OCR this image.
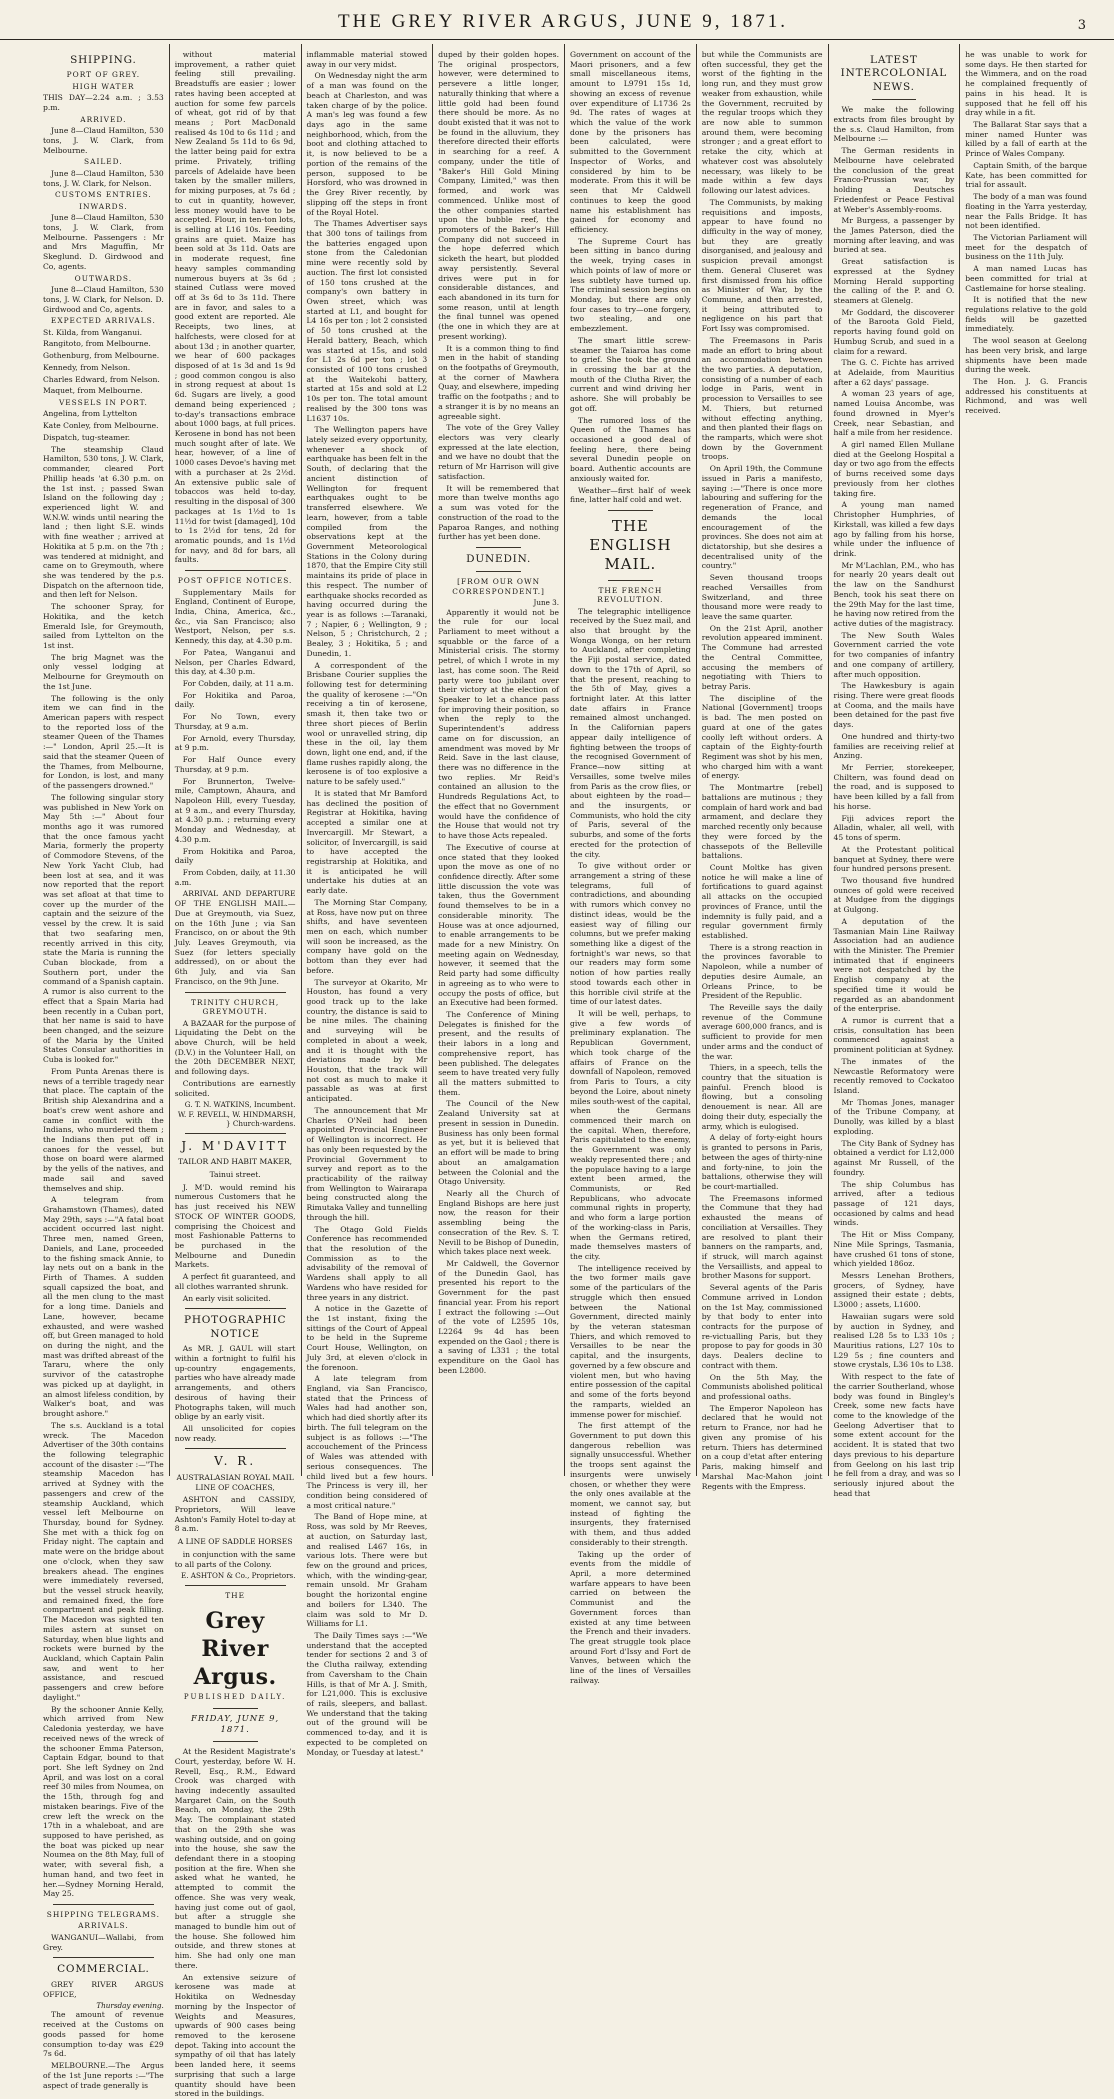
THE GREY RIVER ARGUS, JUNE 9, 1871.	3
SHIPPING.
PORT OF GREY.
HIGH WATER

THIS DAY—2.24 a.m. ; 3.53 p.m.

ARRIVED.

June 8—Claud Hamilton, 530 tons, J. W. Clark, from Melbourne.

SAILED.

June 8—Claud Hamilton, 530 tons, J. W. Clark, for Nelson.

CUSTOMS ENTRIES.
INWARDS.

June 8—Claud Hamilton, 530 tons, J. W. Clark, from Melbourne. Passengers : Mr and Mrs Maguffin, Mr Skeglund. D. Girdwood and Co, agents.

OUTWARDS.

June 8—Claud Hamilton, 530 tons, J. W. Clark, for Nelson. D. Girdwood and Co, agents.

EXPECTED ARRIVALS.

St. Kilda, from Wanganui.

Rangitoto, from Melbourne.

Gothenburg, from Melbourne.

Kennedy, from Nelson.

Charles Edward, from Nelson.

Maquet, from Melbourne.

VESSELS IN PORT.

Angelina, from Lyttelton

Kate Conley, from Melbourne.

Dispatch, tug-steamer.

The steamship Claud Hamilton, 530 tons, J. W. Clark, commander, cleared Port Phillip heads 'at 6.30 p.m. on the 1st inst. ; passed Swan Island on the following day ; experienced light W. and W.N.W. winds until nearing the land ; then light S.E. winds with fine weather ; arrived at Hokitika at 5 p.m. on the 7th ; was tendered at midnight, and came on to Greymouth, where she was tendered by the p.s. Dispatch on the afternoon tide, and then left for Nelson.

The schooner Spray, for Hokitika, and the ketch Emerald Isle, for Greymouth, sailed from Lyttelton on the 1st inst.

The brig Magnet was the only vessel lodging at Melbourne for Greymouth on the 1st June.

The following is the only item we can find in the American papers with respect to the reported loss of the steamer Queen of the Thames :—" London, April 25.—It is said that the steamer Queen of the Thames, from Melbourne, for London, is lost, and many of the passengers drowned."

The following singular story was published in New York on May 5th :—" About four months ago it was rumored that the once famous yacht Maria, formerly the property of Commodore Stevens, of the New York Yacht Club, had been lost at sea, and it was now reported that the report was set afloat at that time to cover up the murder of the captain and the seizure of the vessel by the crew. It is said that two seafaring men, recently arrived in this city, state the Maria is running the Cuban blockade, from a Southern port, under the command of a Spanish captain. A rumor is also current to the effect that a Spain Maria had been recently in a Cuban port, that her name is said to have been changed, and the seizure of the Maria by the United States Consular authorities in Cuba is looked for."

From Punta Arenas there is news of a terrible tragedy near that place. The captain of the British ship Alexandrina and a boat's crew went ashore and came in conflict with the Indians, who murdered them ; the Indians then put off in canoes for the vessel, but those on board were alarmed by the yells of the natives, and made sail and saved themselves and ship.

A telegram from Grahamstown (Thames), dated May 29th, says :—"A fatal boat accident occurred last night. Three men, named Green, Daniels, and Lane, proceeded to the fishing smack Annie, to lay nets out on a bank in the Firth of Thames. A sudden squall capsized the boat, and all the men clung to the mast for a long time. Daniels and Lane, however, became exhausted, and were washed off, but Green managed to hold on during the night, and the mast was drifted abreast of the Tararu, where the only survivor of the catastrophe was picked up at daylight, in an almost lifeless condition, by Walker's boat, and was brought ashore."

The s.s. Auckland is a total wreck. The Macedon Advertiser of the 30th contains the following telegraphic account of the disaster :—"The steamship Macedon has arrived at Sydney with the passengers and crew of the steamship Auckland, which vessel left Melbourne on Thursday, bound for Sydney. She met with a thick fog on Friday night. The captain and mate were on the bridge about one o'clock, when they saw breakers ahead. The engines were immediately reversed, but the vessel struck heavily, and remained fixed, the fore compartment and peak filling. The Macedon was sighted ten miles astern at sunset on Saturday, when blue lights and rockets were burned by the Auckland, which Captain Palin saw, and went to her assistance, and rescued passengers and crew before daylight."

By the schooner Annie Kelly, which arrived from New Caledonia yesterday, we have received news of the wreck of the schooner Emma Paterson, Captain Edgar, bound to that port. She left Sydney on 2nd April, and was lost on a coral reef 30 miles from Noumea, on the 15th, through fog and mistaken bearings. Five of the crew left the wreck on the 17th in a whaleboat, and are supposed to have perished, as the boat was picked up near Noumea on the 8th May, full of water, with several fish, a human hand, and two feet in her.—Sydney Morning Herald, May 25.

SHIPPING TELEGRAMS.
ARRIVALS.

WANGANUI—Wallabi, from Grey.

COMMERCIAL.

GREY RIVER ARGUS OFFICE,

Thursday evening.

The amount of revenue received at the Customs on goods passed for home consumption to-day was £29 7s 6d.

MELBOURNE.—The Argus of the 1st June reports :—"The aspect of trade generally is

without material improvement, a rather quiet feeling still prevailing. Breadstuffs are easier ; lower rates having been accepted at auction for some few parcels of wheat, got rid of by that means ; Port MacDonald realised 4s 10d to 6s 11d ; and New Zealand 5s 11d to 6s 9d, the latter being paid for extra prime. Privately, trifling parcels of Adelaide have been taken by the smaller millers, for mixing purposes, at 7s 6d ; to cut in quantity, however, less money would have to be accepted. Flour, in ten-ton lots, is selling at L16 10s. Feeding grains are quiet. Maize has been sold at 3s 11d. Oats are in moderate request, fine heavy samples commanding numerous buyers at 3s 6d ; stained Cutlass were moved off at 3s 6d to 3s 11d. There are in favor, and sales to a good extent are reported. Ale Receipts, two lines, at halfchests, were closed for at about 13d ; in another quarter, we hear of 600 packages disposed of at 1s 3d and 1s 9d ; good common congou is also in strong request at about 1s 6d. Sugars are lively, a good demand being experienced ; to-day's transactions embrace about 1000 bags, at full prices. Kerosene in bond has not been much sought after of late. We hear, however, of a line of 1000 cases Devoe's having met with a purchaser at 2s 2½d. An extensive public sale of tobaccos was held to-day, resulting in the disposal of 300 packages at 1s 1½d to 1s 11½d for twist [damaged], 10d to 1s 2½d for tens, 2d for aromatic pounds, and 1s 1½d for navy, and 8d for bars, all faults.

POST OFFICE NOTICES.

Supplementary Mails for England, Continent of Europe, India, China, America, &c., &c., via San Francisco; also Westport, Nelson, per s.s. Kennedy, this day, at 4.30 p.m.

For Patea, Wanganui and Nelson, per Charles Edward, this day, at 4.30 p.m.

For Cobden, daily, at 11 a.m.

For Hokitika and Paroa, daily.

For No Town, every Thursday, at 9 a.m.

For Arnold, every Thursday, at 9 p.m.

For Half Ounce every Thursday, at 9 p.m.

For Brunnerton, Twelve-mile, Camptown, Ahaura, and Napoleon Hill, every Tuesday, at 9 a.m., and every Thursday, at 4.30 p.m. ; returning every Monday and Wednesday, at 4.30 p.m.

From Hokitika and Paroa, daily

From Cobden, daily, at 11.30 a.m.

ARRIVAL AND DEPARTURE OF THE ENGLISH MAIL.—Due at Greymouth, via Suez, on the 16th June ; via San Francisco, on or about the 9th July. Leaves Greymouth, via Suez (for letters specially addressed), on or about the 6th July, and via San Francisco, on the 9th June.

TRINITY CHURCH, GREYMOUTH.

A BAZAAR for the purpose of Liquidating the Debt on the above Church, will be held (D.V.) in the Volunteer Hall, on the 20th DECEMBER NEXT, and following days.

Contributions are earnestly solicited.

G. T. N. WATKINS, Incumbent.
W. F. REVELL, W. HINDMARSH, } Church-wardens.
J. M'DAVITT
TAILOR AND HABIT MAKER,
Tainui street.

J. M'D. would remind his numerous Customers that he has just received his NEW STOCK OF WINTER GOODS, comprising the Choicest and most Fashionable Patterns to be purchased in the Melbourne and Dunedin Markets.

A perfect fit guaranteed, and all clothes warranted shrunk.

An early visit solicited.

PHOTOGRAPHIC NOTICE

As MR. J. GAUL will start within a fortnight to fulfil his up-country engagements, parties who have already made arrangements, and others desirous of having their Photographs taken, will much oblige by an early visit.

All unsolicited for copies now ready.

V. R.
AUSTRALASIAN ROYAL MAIL LINE OF COACHES,

ASHTON and CASSIDY, Proprietors, Will leave Ashton's Family Hotel to-day at 8 a.m.

A LINE OF SADDLE HORSES

in conjunction with the same to all parts of the Colony.

E. ASHTON & Co., Proprietors.
THE
Grey River Argus.
PUBLISHED DAILY.
FRIDAY, JUNE 9, 1871.

At the Resident Magistrate's Court, yesterday, before W. H. Revell, Esq., R.M., Edward Crook was charged with having indecently assaulted Margaret Cain, on the South Beach, on Monday, the 29th May. The complainant stated that on the 29th she was washing outside, and on going into the house, she saw the defendant there in a stooping position at the fire. When she asked what he wanted, he attempted to commit the offence. She was very weak, having just come out of gaol, but after a struggle she managed to bundle him out of the house. She followed him outside, and threw stones at him. She had only one man there.

An extensive seizure of kerosene was made at Hokitika on Wednesday morning by the Inspector of Weights and Measures, upwards of 900 cases being removed to the kerosene depot. Taking into account the sympathy of oil that has lately been landed here, it seems surprising that such a large quantity should have been stored in the buildings.

inflammable material stowed away in our very midst.

On Wednesday night the arm of a man was found on the beach at Charleston, and was taken charge of by the police. A man's leg was found a few days ago in the same neighborhood, which, from the boot and clothing attached to it, is now believed to be a portion of the remains of the person, supposed to be Horsford, who was drowned in the Grey River recently, by slipping off the steps in front of the Royal Hotel.

The Thames Advertiser says that 300 tons of tailings from the batteries engaged upon stone from the Caledonian mine were recently sold by auction. The first lot consisted of 150 tons crushed at the company's own battery in Owen street, which was started at L1, and bought for L4 16s per ton ; lot 2 consisted of 50 tons crushed at the Herald battery, Beach, which was started at 15s, and sold for L1 2s 6d per ton ; lot 3 consisted of 100 tons crushed at the Waitekohi battery, started at 15s and sold at L2 10s per ton. The total amount realised by the 300 tons was L1637 10s.

The Wellington papers have lately seized every opportunity, whenever a shock of earthquake has been felt in the South, of declaring that the ancient distinction of Wellington for frequent earthquakes ought to be transferred elsewhere. We learn, however, from a table compiled from the observations kept at the Government Meteorological Stations in the Colony during 1870, that the Empire City still maintains its pride of place in this respect. The number of earthquake shocks recorded as having occurred during the year is as follows :—Taranaki, 7 ; Napier, 6 ; Wellington, 9 ; Nelson, 5 ; Christchurch, 2 ; Bealey, 3 ; Hokitika, 5 ; and Dunedin, 1.

A correspondent of the Brisbane Courier supplies the following test for determining the quality of kerosene :—"On receiving a tin of kerosene, smash it, then take two or three short pieces of Berlin wool or unravelled string, dip these in the oil, lay them down, light one end, and, if the flame rushes rapidly along, the kerosene is of too explosive a nature to be safely used."

It is stated that Mr Bamford has declined the position of Registrar at Hokitika, having accepted a similar one at Invercargill. Mr Stewart, a solicitor, of Invercargill, is said to have accepted the registrarship at Hokitika, and it is anticipated he will undertake his duties at an early date.

The Morning Star Company, at Ross, have now put on three shifts, and have seventeen men on each, which number will soon be increased, as the company have gold on the bottom than they ever had before.

The surveyor at Okarito, Mr Houston, has found a very good track up to the lake country, the distance is said to be nine miles. The chaining and surveying will be completed in about a week, and it is thought with the deviations made by Mr Houston, that the track will not cost as much to make it passable as was at first anticipated.

The announcement that Mr Charles O'Neil had been appointed Provincial Engineer of Wellington is incorrect. He has only been requested by the Provincial Government to survey and report as to the practicability of the railway from Wellington to Wairarapa being constructed along the Rimutaka Valley and tunnelling through the hill.

The Otago Gold Fields Conference has recommended that the resolution of the Commission as to the advisability of the removal of Wardens shall apply to all Wardens who have resided for three years in any district.

A notice in the Gazette of the 1st instant, fixing the sittings of the Court of Appeal to be held in the Supreme Court House, Wellington, on July 3rd, at eleven o'clock in the forenoon.

A late telegram from England, via San Francisco, stated that the Princess of Wales had had another son, which had died shortly after its birth. The full telegram on the subject is as follows :—"The accouchement of the Princess of Wales was attended with serious consequences. The child lived but a few hours. The Princess is very ill, her condition being considered of a most critical nature."

The Band of Hope mine, at Ross, was sold by Mr Reeves, at auction, on Saturday last, and realised L467 16s, in various lots. There were but few on the ground and prices, which, with the winding-gear, remain unsold. Mr Graham bought the horizontal engine and boilers for L340. The claim was sold to Mr D. Williams for L1.

The Daily Times says :—"We understand that the accepted tender for sections 2 and 3 of the Clutha railway, extending from Caversham to the Chain Hills, is that of Mr A. J. Smith, for L21,000. This is exclusive of rails, sleepers, and ballast. We understand that the taking out of the ground will be commenced to-day, and it is expected to be completed on Monday, or Tuesday at latest."

duped by their golden hopes. The original prospectors, however, were determined to persevere a little longer, naturally thinking that where a little gold had been found there should be more. As no doubt existed that it was not to be found in the alluvium, they therefore directed their efforts in searching for a reef. A company, under the title of "Baker's Hill Gold Mining Company, Limited," was then formed, and work was commenced. Unlike most of the other companies started upon the bubble reef, the promoters of the Baker's Hill Company did not succeed in the hope deferred which sicketh the heart, but plodded away persistently. Several drives were put in for considerable distances, and each abandoned in its turn for some reason, until at length the final tunnel was opened (the one in which they are at present working).

It is a common thing to find men in the habit of standing on the footpaths of Greymouth, at the corner of Mawhera Quay, and elsewhere, impeding traffic on the footpaths ; and to a stranger it is by no means an agreeable sight.

The vote of the Grey Valley electors was very clearly expressed at the late election, and we have no doubt that the return of Mr Harrison will give satisfaction.

It will be remembered that more than twelve months ago a sum was voted for the construction of the road to the Paparoa Ranges, and nothing further has yet been done.

DUNEDIN.
[FROM OUR OWN CORRESPONDENT.]
June 3.

Apparently it would not be the rule for our local Parliament to meet without a squabble or the farce of a Ministerial crisis. The stormy petrel, of which I wrote in my last, has come soon. The Reid party were too jubilant over their victory at the election of Speaker to let a chance pass for improving their position, so when the reply to the Superintendent's address came on for discussion, an amendment was moved by Mr Reid. Save in the last clause, there was no difference in the two replies. Mr Reid's contained an allusion to the Hundreds Regulations Act, to the effect that no Government would have the confidence of the House that would not try to have those Acts repealed.

The Executive of course at once stated that they looked upon the move as one of no confidence directly. After some little discussion the vote was taken, thus the Government found themselves to be in a considerable minority. The House was at once adjourned, to enable arrangements to be made for a new Ministry. On meeting again on Wednesday, however, it seemed that the Reid party had some difficulty in agreeing as to who were to occupy the posts of office, but an Executive had been formed.

The Conference of Mining Delegates is finished for the present, and the results of their labors in a long and comprehensive report, has been published. The delegates seem to have treated very fully all the matters submitted to them.

The Council of the New Zealand University sat at present in session in Dunedin. Business has only been formal as yet, but it is believed that an effort will be made to bring about an amalgamation between the Colonial and the Otago University.

Nearly all the Church of England Bishops are here just now, the reason for their assembling being the consecration of the Rev. S. T. Nevill to be Bishop of Dunedin, which takes place next week.

Mr Caldwell, the Governor of the Dunedin Gaol, has presented his report to the Government for the past financial year. From his report I extract the following :—Out of the vote of L2595 10s, L2264 9s 4d has been expended on the Gaol ; there is a saving of L331 ; the total expenditure on the Gaol has been L2800.

Government on account of the Maori prisoners, and a few small miscellaneous items, amount to L9791 15s 1d, showing an excess of revenue over expenditure of L1736 2s 9d. The rates of wages at which the value of the work done by the prisoners has been calculated, were submitted to the Government Inspector of Works, and considered by him to be moderate. From this it will be seen that Mr Caldwell continues to keep the good name his establishment has gained for economy and efficiency.

The Supreme Court has been sitting in banco during the week, trying cases in which points of law of more or less subtlety have turned up. The criminal session begins on Monday, but there are only four cases to try—one forgery, two stealing, and one embezzlement.

The smart little screw-steamer the Taiaroa has come to grief. She took the ground in crossing the bar at the mouth of the Clutha River, the current and wind driving her ashore. She will probably be got off.

The rumored loss of the Queen of the Thames has occasioned a good deal of feeling here, there being several Dunedin people on board. Authentic accounts are anxiously waited for.

Weather—first half of week fine, latter half cold and wet.

THE ENGLISH MAIL.
THE FRENCH REVOLUTION.

The telegraphic intelligence received by the Suez mail, and also that brought by the Wonga Wonga, on her return to Auckland, after completing the Fiji postal service, dated down to the 17th of April, so that the present, reaching to the 5th of May, gives a fortnight later. At this latter date affairs in France remained almost unchanged. In the Californian papers appear daily intelligence of fighting between the troops of the recognised Government of France—now sitting at Versailles, some twelve miles from Paris as the crow flies, or about eighteen by the road—and the insurgents, or Communists, who hold the city of Paris, several of the suburbs, and some of the forts erected for the protection of the city.

To give without order or arrangement a string of these telegrams, full of contradictions, and abounding with rumors which convey no distinct ideas, would be the easiest way of filling our columns, but we prefer making something like a digest of the fortnight's war news, so that our readers may form some notion of how parties really stood towards each other in this horrible civil strife at the time of our latest dates.

It will be well, perhaps, to give a few words of preliminary explanation. The Republican Government, which took charge of the affairs of France on the downfall of Napoleon, removed from Paris to Tours, a city beyond the Loire, about ninety miles south-west of the capital, when the Germans commenced their march on the capital. When, therefore, Paris capitulated to the enemy, the Government was only weakly represented there ; and the populace having to a large extent been armed, the Communists, or Red Republicans, who advocate communal rights in property, and who form a large portion of the working-class in Paris, when the Germans retired, made themselves masters of the city.

The intelligence received by the two former mails gave some of the particulars of the struggle which then ensued between the National Government, directed mainly by the veteran statesman Thiers, and which removed to Versailles to be near the capital, and the insurgents, governed by a few obscure and violent men, but who having entire possession of the capital and some of the forts beyond the ramparts, wielded an immense power for mischief.

The first attempt of the Government to put down this dangerous rebellion was signally unsuccessful. Whether the troops sent against the insurgents were unwisely chosen, or whether they were the only ones available at the moment, we cannot say, but instead of fighting the insurgents, they fraternised with them, and thus added considerably to their strength.

Taking up the order of events from the middle of April, a more determined warfare appears to have been carried on between the Communist and the Government forces than existed at any time between the French and their invaders. The great struggle took place around Fort d'Issy and Fort de Vanves, between which the line of the lines of Versailles railway.

but while the Communists are often successful, they get the worst of the fighting in the long run, and they must grow weaker from exhaustion, while the Government, recruited by the regular troops which they are now able to summon around them, were becoming stronger ; and a great effort to retake the city, which at whatever cost was absolutely necessary, was likely to be made within a few days following our latest advices.

The Communists, by making requisitions and imposts, appear to have found no difficulty in the way of money, but they are greatly disorganised, and jealousy and suspicion prevail amongst them. General Cluseret was first dismissed from his office as Minister of War, by the Commune, and then arrested, it being attributed to negligence on his part that Fort Issy was compromised.

The Freemasons in Paris made an effort to bring about an accommodation between the two parties. A deputation, consisting of a number of each lodge in Paris, went in procession to Versailles to see M. Thiers, but returned without effecting anything, and then planted their flags on the ramparts, which were shot down by the Government troops.

On April 19th, the Commune issued in Paris a manifesto, saying :—"There is once more labouring and suffering for the regeneration of France, and demands the local encouragement of the provinces. She does not aim at dictatorship, but she desires a decentralised unity of the country."

Seven thousand troops reached Versailles from Switzerland, and three thousand more were ready to leave the same quarter.

On the 21st April, another revolution appeared imminent. The Commune had arrested the Central Committee, accusing the members of negotiating with Thiers to betray Paris.

The discipline of the National [Government] troops is bad. The men posted on guard at one of the gates coolly left without orders. A captain of the Eighty-fourth Regiment was shot by his men, who charged him with a want of energy.

The Montmartre [rebel] battalions are mutinous ; they complain of hard work and bad armament, and declare they marched recently only because they were forced by the chassepots of the Belleville battalions.

Count Moltke has given notice he will make a line of fortifications to guard against all attacks on the occupied provinces of France, until the indemnity is fully paid, and a regular government firmly established.

There is a strong reaction in the provinces favorable to Napoleon, while a number of deputies desire Aumale, an Orleans Prince, to be President of the Republic.

The Reveille says the daily revenue of the Commune average 600,000 francs, and is sufficient to provide for men under arms and the conduct of the war.

Thiers, in a speech, tells the country that the situation is painful. French blood is flowing, but a consoling denouement is near. All are doing their duty, especially the army, which is eulogised.

A delay of forty-eight hours is granted to persons in Paris, between the ages of thirty-nine and forty-nine, to join the battalions, otherwise they will be court-martialled.

The Freemasons informed the Commune that they had exhausted the means of conciliation at Versailles. They are resolved to plant their banners on the ramparts, and, if struck, will march against the Versaillists, and appeal to brother Masons for support.

Several agents of the Paris Commune arrived in London on the 1st May, commissioned by that body to enter into contracts for the purpose of re-victualling Paris, but they propose to pay for goods in 30 days. Dealers decline to contract with them.

On the 5th May, the Communists abolished political and professional oaths.

The Emperor Napoleon has declared that he would not return to France, nor had he given any promise of his return. Thiers has determined on a coup d'etat after entering Paris, making himself and Marshal Mac-Mahon joint Regents with the Empress.

LATEST INTERCOLONIAL NEWS.

We make the following extracts from files brought by the s.s. Claud Hamilton, from Melbourne :—

The German residents in Melbourne have celebrated the conclusion of the great Franco-Prussian war, by holding a Deutsches Friedenfest or Peace Festival at Weber's Assembly-rooms.

Mr Burgess, a passenger by the James Paterson, died the morning after leaving, and was buried at sea.

Great satisfaction is expressed at the Sydney Morning Herald supporting the calling of the P. and O. steamers at Glenelg.

Mr Goddard, the discoverer of the Baroota Gold Field, reports having found gold on Humbug Scrub, and sued in a claim for a reward.

The G. C. Fichte has arrived at Adelaide, from Mauritius after a 62 days' passage.

A woman 23 years of age, named Louisa Ancombe, was found drowned in Myer's Creek, near Sebastian, and half a mile from her residence.

A girl named Ellen Mullane died at the Geelong Hospital a day or two ago from the effects of burns received some days previously from her clothes taking fire.

A young man named Christopher Humphries, of Kirkstall, was killed a few days ago by falling from his horse, while under the influence of drink.

Mr M'Lachlan, P.M., who has for nearly 20 years dealt out the law on the Sandhurst Bench, took his seat there on the 29th May for the last time, he having now retired from the active duties of the magistracy.

The New South Wales Government carried the vote for two companies of infantry and one company of artillery, after much opposition.

The Hawkesbury is again rising. There were great floods at Cooma, and the mails have been detained for the past five days.

One hundred and thirty-two families are receiving relief at Anzing.

Mr Ferrier, storekeeper, Chiltern, was found dead on the road, and is supposed to have been killed by a fall from his horse.

Fiji advices report the Alladin, whaler, all well, with 45 tons of sperm.

At the Protestant political banquet at Sydney, there were four hundred persons present.

Two thousand five hundred ounces of gold were received at Mudgee from the diggings at Gulgong.

A deputation of the Tasmanian Main Line Railway Association had an audience with the Minister. The Premier intimated that if engineers were not despatched by the English company at the specified time it would be regarded as an abandonment of the enterprise.

A rumor is current that a crisis, consultation has been commenced against a prominent politician at Sydney.

The inmates of the Newcastle Reformatory were recently removed to Cockatoo Island.

Mr Thomas Jones, manager of the Tribune Company, at Dunolly, was killed by a blast exploding.

The City Bank of Sydney has obtained a verdict for L12,000 against Mr Russell, of the foundry.

The ship Columbus has arrived, after a tedious passage of 121 days, occasioned by calms and head winds.

The Hit or Miss Company, Nine Mile Springs, Tasmania, have crushed 61 tons of stone, which yielded 186oz.

Messrs Lenehan Brothers, grocers, of Sydney, have assigned their estate ; debts, L3000 ; assets, L1600.

Hawaiian sugars were sold by auction in Sydney, and realised L28 5s to L33 10s ; Mauritius rations, L27 10s to L29 5s ; fine counters and stowe crystals, L36 10s to L38.

With respect to the fate of the carrier Southerland, whose body was found in Bingley's Creek, some new facts have come to the knowledge of the Geelong Advertiser that to some extent account for the accident. It is stated that two days previous to his departure from Geelong on his last trip he fell from a dray, and was so seriously injured about the head that

he was unable to work for some days. He then started for the Wimmera, and on the road he complained frequently of pains in his head. It is supposed that he fell off his dray while in a fit.

The Ballarat Star says that a miner named Hunter was killed by a fall of earth at the Prince of Wales Company.

Captain Smith, of the barque Kate, has been committed for trial for assault.

The body of a man was found floating in the Yarra yesterday, near the Falls Bridge. It has not been identified.

The Victorian Parliament will meet for the despatch of business on the 11th July.

A man named Lucas has been committed for trial at Castlemaine for horse stealing.

It is notified that the new regulations relative to the gold fields will be gazetted immediately.

The wool season at Geelong has been very brisk, and large shipments have been made during the week.

The Hon. J. G. Francis addressed his constituents at Richmond, and was well received.
